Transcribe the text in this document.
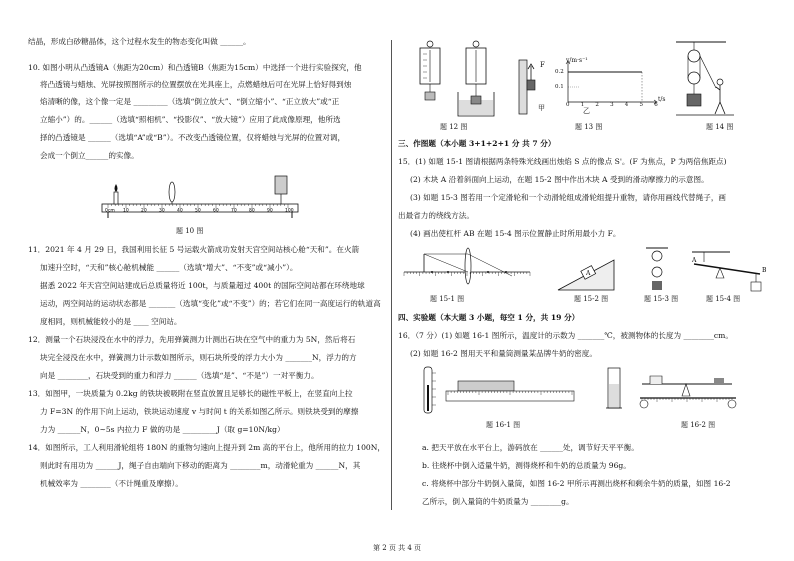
结晶，形成白砂糖晶体，这个过程水发生的物态变化叫做 ______。
10. 如图小明从凸透镜A（焦距为20cm）和凸透镜B（焦距为15cm）中选择一个进行实验探究，他
将凸透镜与蜡烛、光屏按照图所示的位置摆放在光具座上，点燃蜡烛后可在光屏上恰好得到烛
焰清晰的像，这个像一定是 _________（选填“倒立放大”、“倒立缩小”、“正立放大”或“正
立缩小”）的。______（选填“照相机”、“投影仪”、“放大镜”）应用了此成像原理，他所选
择的凸透镜是 ______（选填“A”或“B”）。不改变凸透镜位置，仅将蜡烛与光屏的位置对调，
会成一个倒立______的实像。
0cm 10	20	30	40	50	60	70	80	90	100
题 10 图
11．2021 年 4 月 29 日，我国利用长征 5 号运载火箭成功发射天宫空间站核心舱“天和”。在火箭
加速升空时，“天和”核心舱机械能 ______（选填“增大”、“不变”或“减小”）。
据悉 2022 年天宫空间站建成后总质量将近 100t，与质量超过 400t 的国际空间站都在环绕地球
运动，两空间站的运动状态都是 _______（选填“变化”或“不变”）的；若它们在同一高度运行的轨道高
度相同，则机械能较小的是 ____ 空间站。
12．测量一个石块浸没在水中的浮力，先用弹簧测力计测出石块在空气中的重力为 5N，然后将石
块完全浸没在水中，弹簧测力计示数如图所示，则石块所受的浮力大小为 _______N，浮力的方
向是 ________，石块受到的重力和浮力 ______（选填“是”、“不是”）一对平衡力。
13．如图甲，一块质量为 0.2kg 的铁块被吸附在竖直放置且足够长的磁性平板上，在竖直向上拉
力 F=3N 的作用下向上运动，铁块运动速度 v 与时间 t 的关系如图乙所示。则铁块受到的摩擦
力为 ______N，0~5s 内拉力 F 做的功是 _________J（取 g=10N/kg）
14．如图所示，工人利用滑轮组将 180N 的重物匀速向上提升到 2m 高的平台上，他所用的拉力 100N，
则此时有用功为 ______J，绳子自由端向下移动的距离为 ________m，动滑轮重为 ______N，其
机械效率为 ________（不计绳重及摩擦）。
题 12 图
F
甲
v/m·s⁻¹
t/s
0.2
0.1
0 1 2 3 4 5 6
乙
题 13 图	题 14 图
三、作图题（本小题 3+1+2+1 分 共 7 分）
15．(1) 如题 15-1 图请根据两条特殊光线画出烛焰 S 点的像点 S'。(F 为焦点，P 为两倍焦距点)
(2) 木块 A 沿着斜面向上运动，在题 15-2 图中作出木块 A 受到的滑动摩擦力的示意图。
(3) 如题 15-3 图若用一个定滑轮和一个动滑轮组成滑轮组提升重物，请你用画线代替绳子，画
出最省力的绕线方法。
(4) 画出使杠杆 AB 在题 15-4 图示位置静止时所用最小力 F。
A
A
B
题 15-1 图	题 15-2 图	题 15-3 图	题 15-4 图
四、实验题（本大题 3 小题，每空 1 分，共 19 分）
16．（7 分）(1) 如题 16-1 图所示，温度计的示数为 _______℃，被测物体的长度为 ________cm。
(2) 如题 16-2 图用天平和量筒测量某品牌牛奶的密度。
题 16-1 图	题 16-2 图
a. 把天平放在水平台上，游码放在 ______处，调节好天平平衡。
b. 往烧杯中倒入适量牛奶，测得烧杯和牛奶的总质量为 96g。
c. 将烧杯中部分牛奶倒入量筒，如图 16-2 甲所示再测出烧杯和剩余牛奶的质量，如图 16-2
乙所示，倒入量筒的牛奶质量为 ________g。
第 2 页 共 4 页
